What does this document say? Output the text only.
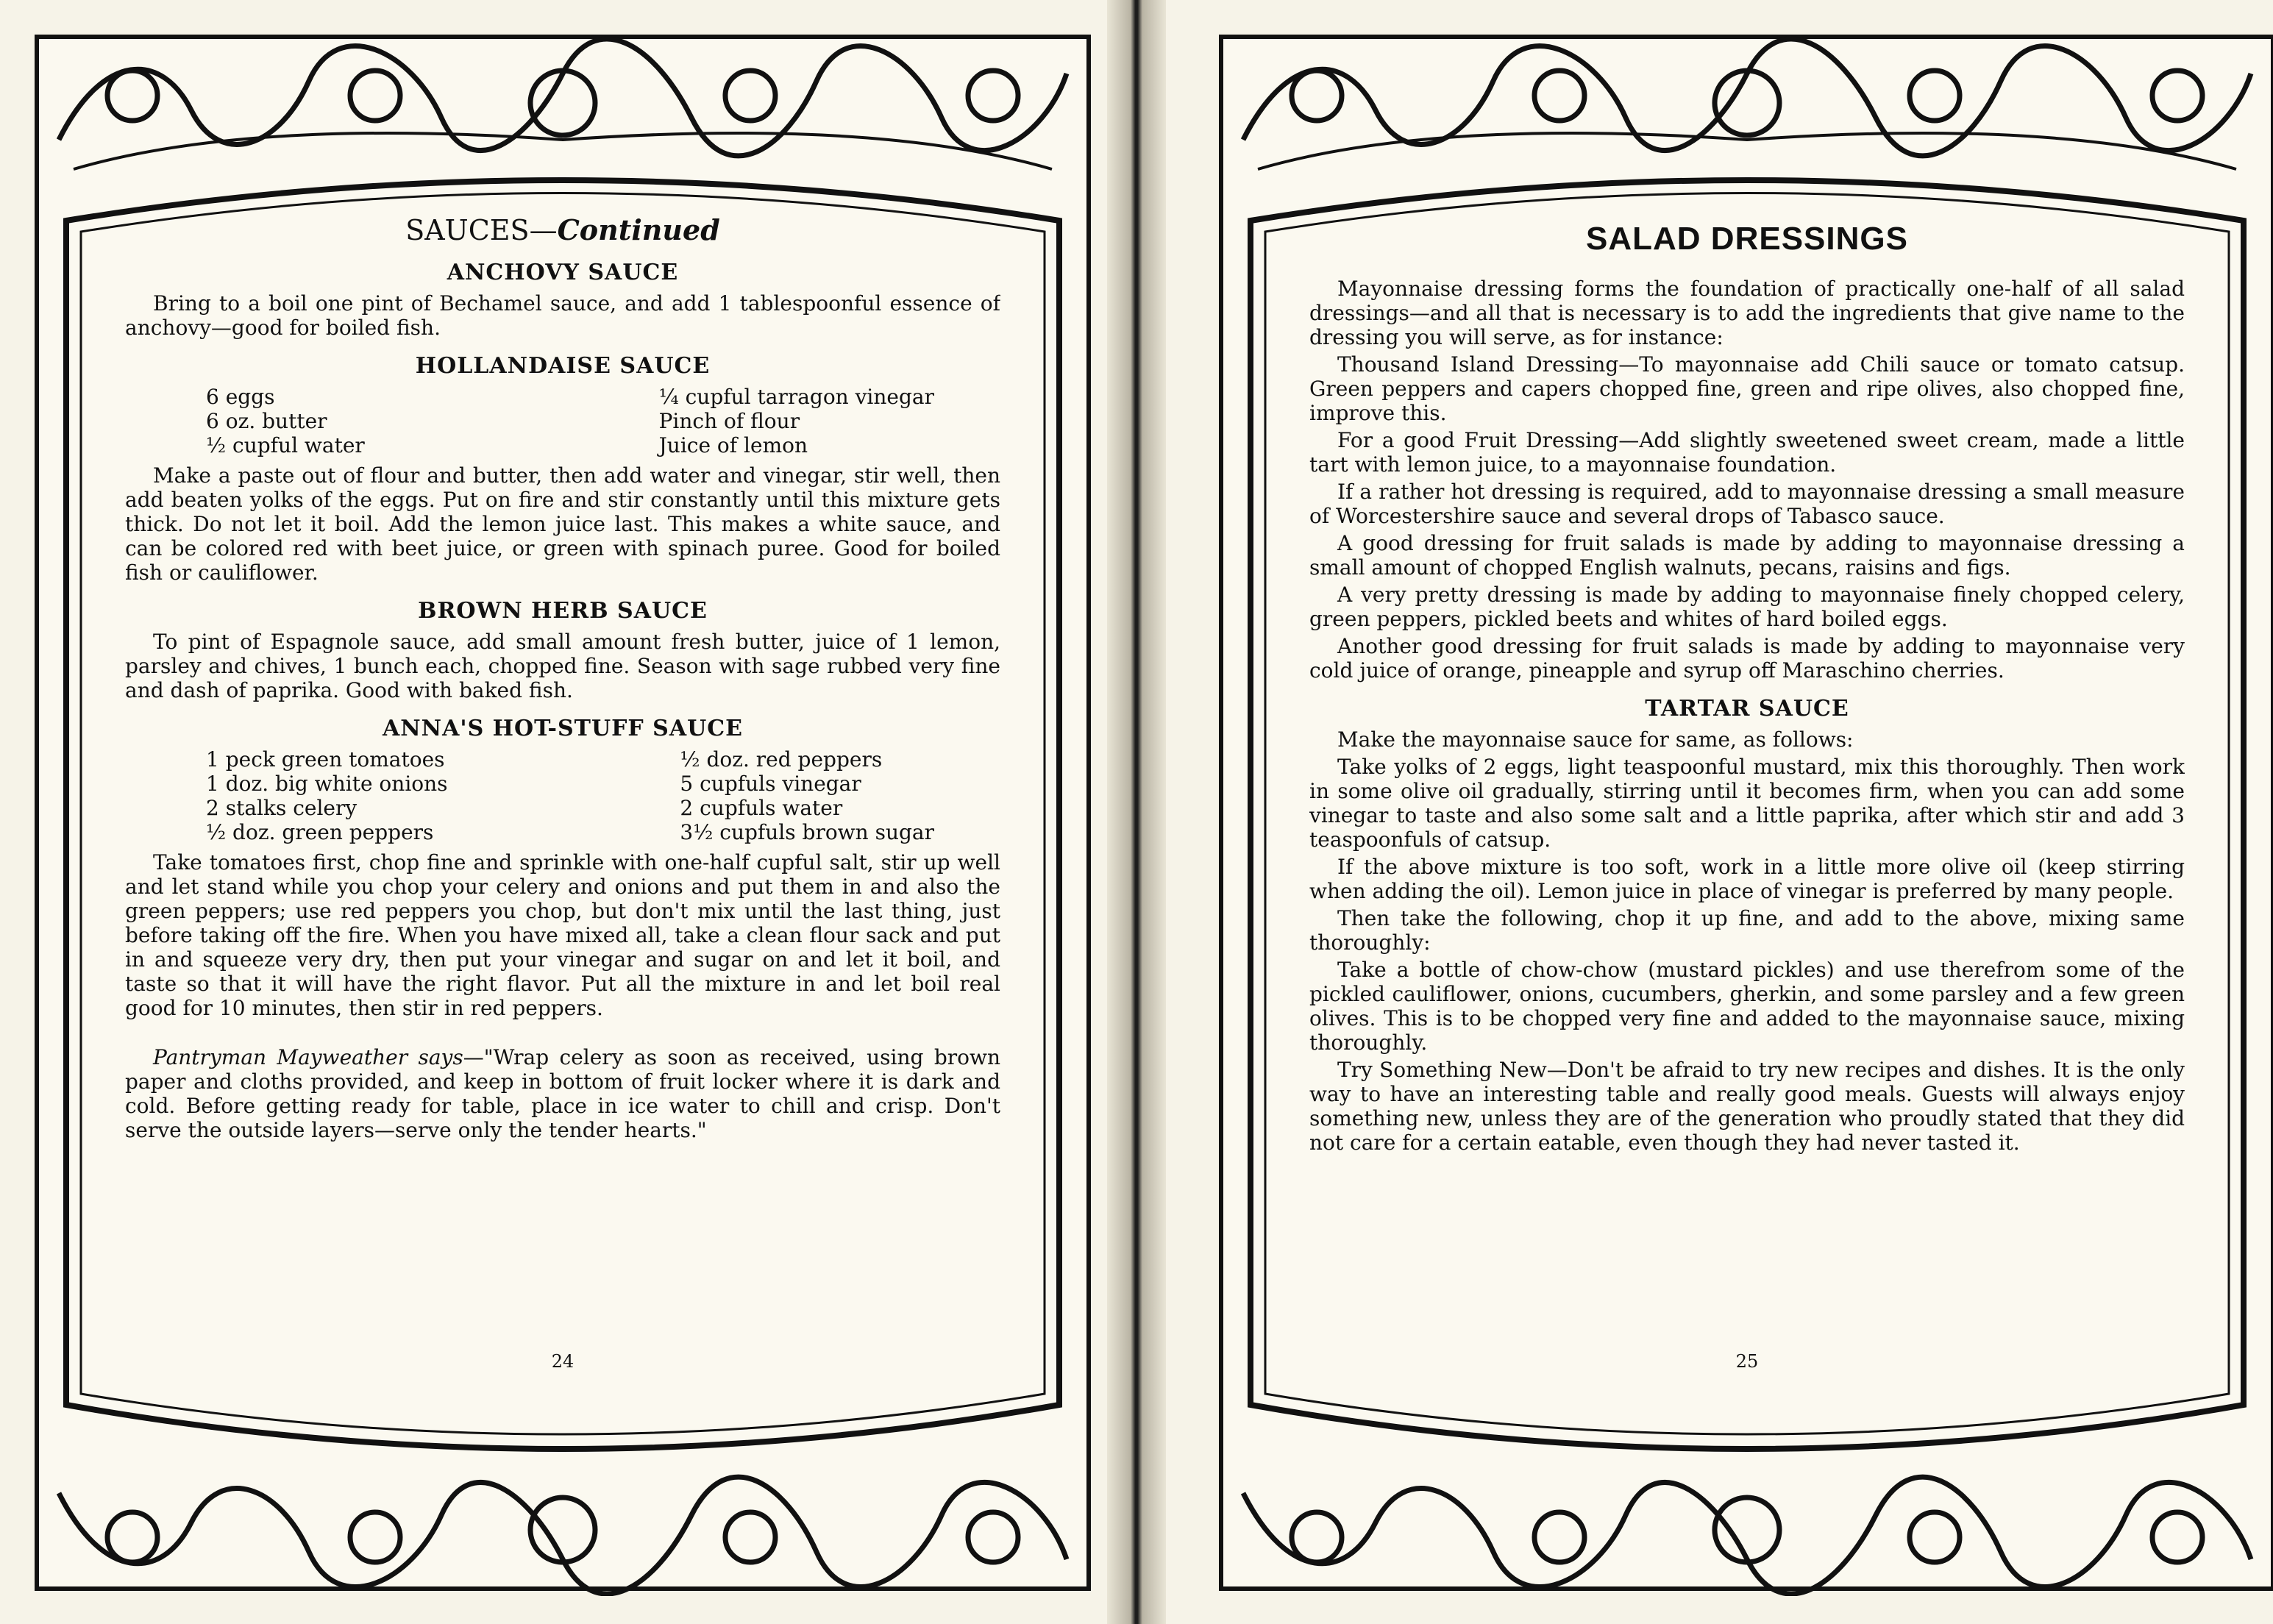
SAUCES—Continued
ANCHOVY SAUCE

Bring to a boil one pint of Bechamel sauce, and add 1 tablespoonful essence of anchovy—good for boiled fish.

HOLLANDAISE SAUCE
6 eggs
6 oz. butter
½ cupful water
¼ cupful tarragon vinegar
Pinch of flour
Juice of lemon

Make a paste out of flour and butter, then add water and vinegar, stir well, then add beaten yolks of the eggs. Put on fire and stir constantly until this mixture gets thick. Do not let it boil. Add the lemon juice last. This makes a white sauce, and can be colored red with beet juice, or green with spinach puree. Good for boiled fish or cauliflower.

BROWN HERB SAUCE

To pint of Espagnole sauce, add small amount fresh butter, juice of 1 lemon, parsley and chives, 1 bunch each, chopped fine. Season with sage rubbed very fine and dash of paprika. Good with baked fish.

ANNA'S HOT-STUFF SAUCE
1 peck green tomatoes
1 doz. big white onions
2 stalks celery
½ doz. green peppers
½ doz. red peppers
5 cupfuls vinegar
2 cupfuls water
3½ cupfuls brown sugar

Take tomatoes first, chop fine and sprinkle with one-half cupful salt, stir up well and let stand while you chop your celery and onions and put them in and also the green peppers; use red peppers you chop, but don't mix until the last thing, just before taking off the fire. When you have mixed all, take a clean flour sack and put in and squeeze very dry, then put your vinegar and sugar on and let it boil, and taste so that it will have the right flavor. Put all the mixture in and let boil real good for 10 minutes, then stir in red peppers.

Pantryman Mayweather says—"Wrap celery as soon as received, using brown paper and cloths provided, and keep in bottom of fruit locker where it is dark and cold. Before getting ready for table, place in ice water to chill and crisp. Don't serve the outside layers—serve only the tender hearts."

24
SALAD DRESSINGS

Mayonnaise dressing forms the foundation of practically one-half of all salad dressings—and all that is necessary is to add the ingredients that give name to the dressing you will serve, as for instance:

Thousand Island Dressing—To mayonnaise add Chili sauce or tomato catsup. Green peppers and capers chopped fine, green and ripe olives, also chopped fine, improve this.

For a good Fruit Dressing—Add slightly sweetened sweet cream, made a little tart with lemon juice, to a mayonnaise foundation.

If a rather hot dressing is required, add to mayonnaise dressing a small measure of Worcestershire sauce and several drops of Tabasco sauce.

A good dressing for fruit salads is made by adding to mayonnaise dressing a small amount of chopped English walnuts, pecans, raisins and figs.

A very pretty dressing is made by adding to mayonnaise finely chopped celery, green peppers, pickled beets and whites of hard boiled eggs.

Another good dressing for fruit salads is made by adding to mayonnaise very cold juice of orange, pineapple and syrup off Maraschino cherries.

TARTAR SAUCE

Make the mayonnaise sauce for same, as follows:

Take yolks of 2 eggs, light teaspoonful mustard, mix this thoroughly. Then work in some olive oil gradually, stirring until it becomes firm, when you can add some vinegar to taste and also some salt and a little paprika, after which stir and add 3 teaspoonfuls of catsup.

If the above mixture is too soft, work in a little more olive oil (keep stirring when adding the oil). Lemon juice in place of vinegar is preferred by many people.

Then take the following, chop it up fine, and add to the above, mixing same thoroughly:

Take a bottle of chow-chow (mustard pickles) and use therefrom some of the pickled cauliflower, onions, cucumbers, gherkin, and some parsley and a few green olives. This is to be chopped very fine and added to the mayonnaise sauce, mixing thoroughly.

Try Something New—Don't be afraid to try new recipes and dishes. It is the only way to have an interesting table and really good meals. Guests will always enjoy something new, unless they are of the generation who proudly stated that they did not care for a certain eatable, even though they had never tasted it.

25
